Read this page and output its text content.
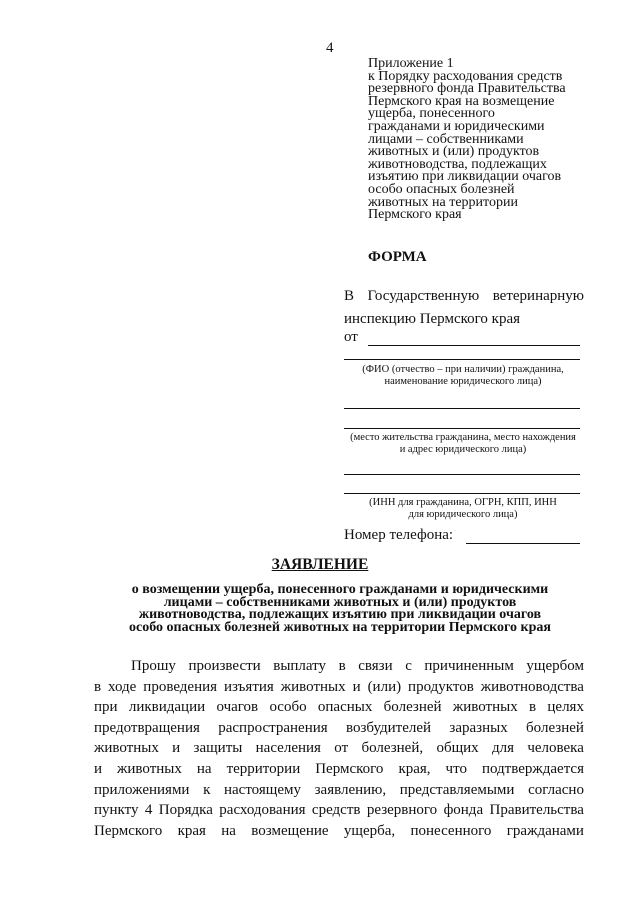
4
Приложение 1
к Порядку расходования средств
резервного фонда Правительства
Пермского края на возмещение
ущерба, понесенного
гражданами и юридическими
лицами – собственниками
животных и (или) продуктов
животноводства, подлежащих
изъятию при ликвидации очагов
особо опасных болезней
животных на территории
Пермского края
ФОРМА
В Государственную ветеринарную
инспекцию Пермского края
от
(ФИО (отчество – при наличии) гражданина,
наименование юридического лица)
(место жительства гражданина, место нахождения
и адрес юридического лица)
(ИНН для гражданина, ОГРН, КПП, ИНН
для юридического лица)
Номер телефона:
ЗАЯВЛЕНИЕ
о возмещении ущерба, понесенного гражданами и юридическими
лицами – собственниками животных и (или) продуктов
животноводства, подлежащих изъятию при ликвидации очагов
особо опасных болезней животных на территории Пермского края
Прошу произвести выплату в связи с причиненным ущербом
в ходе проведения изъятия животных и (или) продуктов животноводства
при ликвидации очагов особо опасных болезней животных в целях
предотвращения распространения возбудителей заразных болезней
животных и защиты населения от болезней, общих для человека
и животных на территории Пермского края, что подтверждается
приложениями к настоящему заявлению, представляемыми согласно
пункту 4 Порядка расходования средств резервного фонда Правительства
Пермского края на возмещение ущерба, понесенного гражданами
